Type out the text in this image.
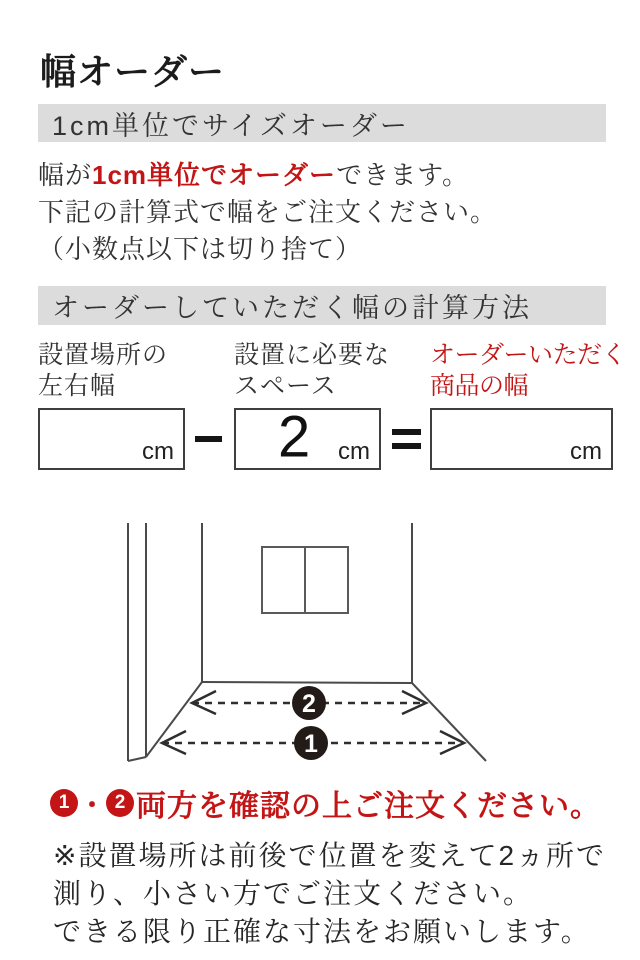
幅オーダー
1cm単位でサイズオーダー
幅が1cm単位でオーダーできます。
下記の計算式で幅をご注文ください。
（小数点以下は切り捨て）
オーダーしていただく幅の計算方法
設置場所の
左右幅
設置に必要な
スペース
オーダーいただく
商品の幅
cm 2 cm	cm
2
1
1 ・ 2 両方を確認の上ご注文ください。
※設置場所は前後で位置を変えて2ヵ所で
測り、小さい方でご注文ください。
できる限り正確な寸法をお願いします。
